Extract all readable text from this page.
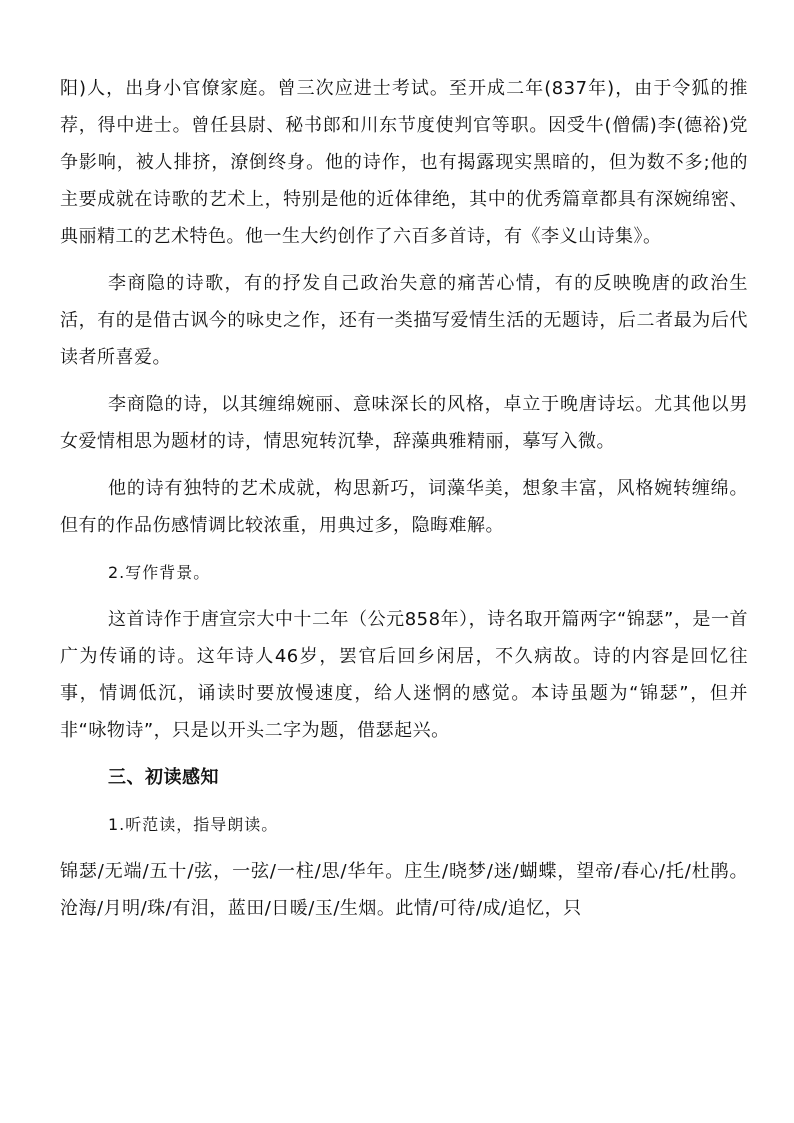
阳)人，出身小官僚家庭。曾三次应进士考试。至开成二年(837年)，由于令狐的推荐，得中进士。曾任县尉、秘书郎和川东节度使判官等职。因受牛(僧儒)李(德裕)党争影响，被人排挤，潦倒终身。他的诗作，也有揭露现实黑暗的，但为数不多;他的主要成就在诗歌的艺术上，特别是他的近体律绝，其中的优秀篇章都具有深婉绵密、典丽精工的艺术特色。他一生大约创作了六百多首诗，有《李义山诗集》。

李商隐的诗歌，有的抒发自己政治失意的痛苦心情，有的反映晚唐的政治生活，有的是借古讽今的咏史之作，还有一类描写爱情生活的无题诗，后二者最为后代读者所喜爱。

李商隐的诗，以其缠绵婉丽、意味深长的风格，卓立于晚唐诗坛。尤其他以男女爱情相思为题材的诗，情思宛转沉挚，辞藻典雅精丽，摹写入微。

他的诗有独特的艺术成就，构思新巧，词藻华美，想象丰富，风格婉转缠绵。但有的作品伤感情调比较浓重，用典过多，隐晦难解。

2.写作背景。

这首诗作于唐宣宗大中十二年（公元858年），诗名取开篇两字“锦瑟”，是一首广为传诵的诗。这年诗人46岁，罢官后回乡闲居，不久病故。诗的内容是回忆往事，情调低沉，诵读时要放慢速度，给人迷惘的感觉。本诗虽题为“锦瑟”，但并非“咏物诗”，只是以开头二字为题，借瑟起兴。

三、初读感知

1.听范读，指导朗读。

锦瑟/无端/五十/弦，一弦/一柱/思/华年。庄生/晓梦/迷/蝴蝶，望帝/春心/托/杜鹃。沧海/月明/珠/有泪，蓝田/日暖/玉/生烟。此情/可待/成/追忆，只
